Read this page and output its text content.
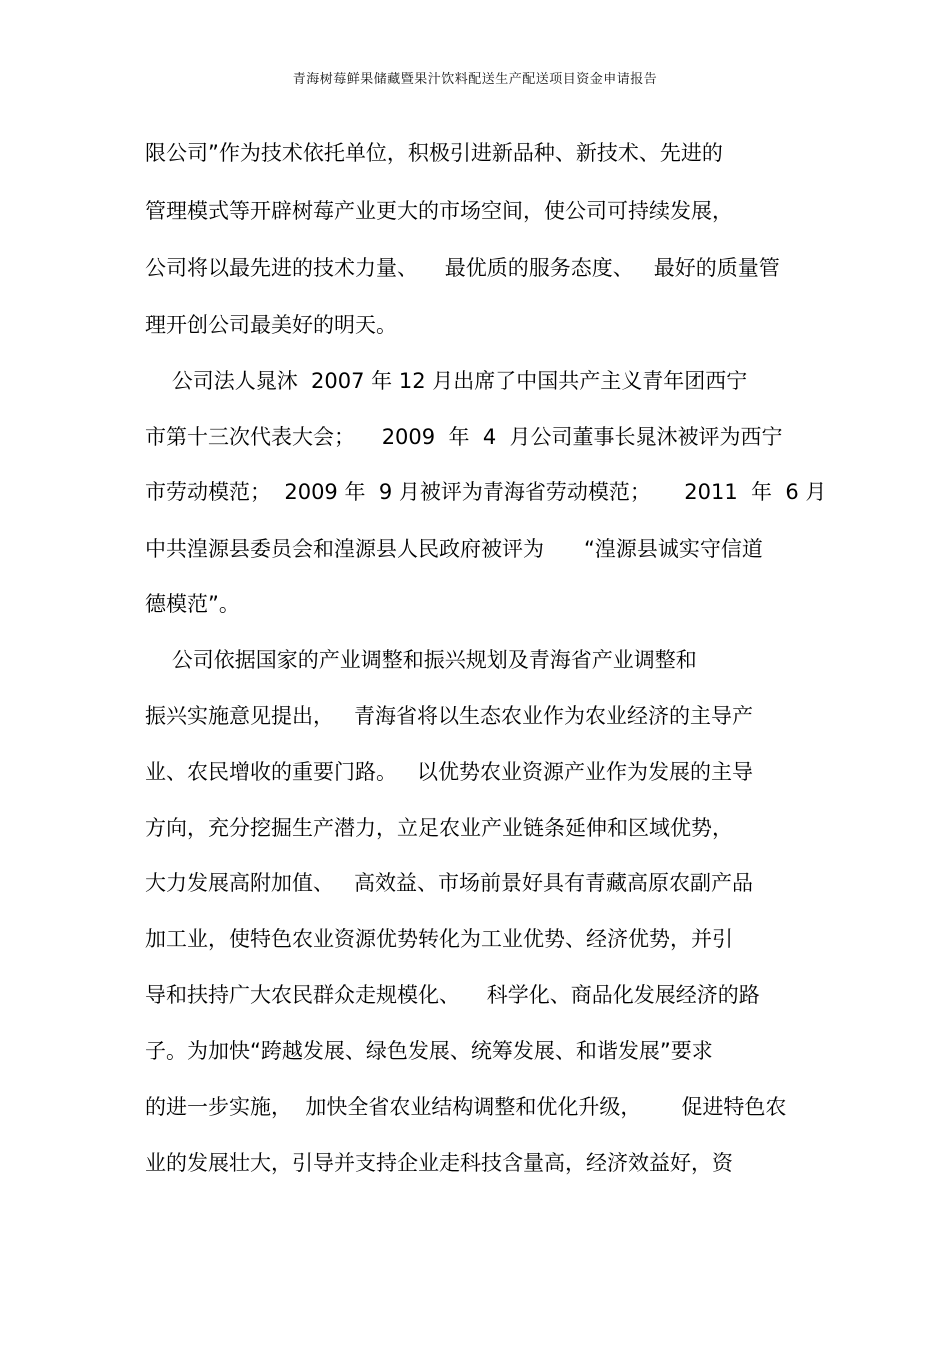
青海树莓鲜果储藏暨果汁饮料配送生产配送项目资金申请报告
限公司”作为技术依托单位，积极引进新品种、新技术、先进的
管理模式等开辟树莓产业更大的市场空间，使公司可持续发展，
公司将以最先进的技术力量、    最优质的服务态度、   最好的质量管
理开创公司最美好的明天。
公司法人晁沐  2007 年 12 月出席了中国共产主义青年团西宁
市第十三次代表大会；    2009  年  4  月公司董事长晁沐被评为西宁
市劳动模范；  2009 年  9 月被评为青海省劳动模范；     2011  年  6 月
中共湟源县委员会和湟源县人民政府被评为      “湟源县诚实守信道
德模范”。
公司依据国家的产业调整和振兴规划及青海省产业调整和
振兴实施意见提出，   青海省将以生态农业作为农业经济的主导产
业、农民增收的重要门路。   以优势农业资源产业作为发展的主导
方向，充分挖掘生产潜力，立足农业产业链条延伸和区域优势，
大力发展高附加值、   高效益、市场前景好具有青藏高原农副产品
加工业，使特色农业资源优势转化为工业优势、经济优势，并引
导和扶持广大农民群众走规模化、    科学化、商品化发展经济的路
子。为加快“跨越发展、绿色发展、统筹发展、和谐发展”要求
的进一步实施，  加快全省农业结构调整和优化升级，      促进特色农
业的发展壮大，引导并支持企业走科技含量高，经济效益好，资
